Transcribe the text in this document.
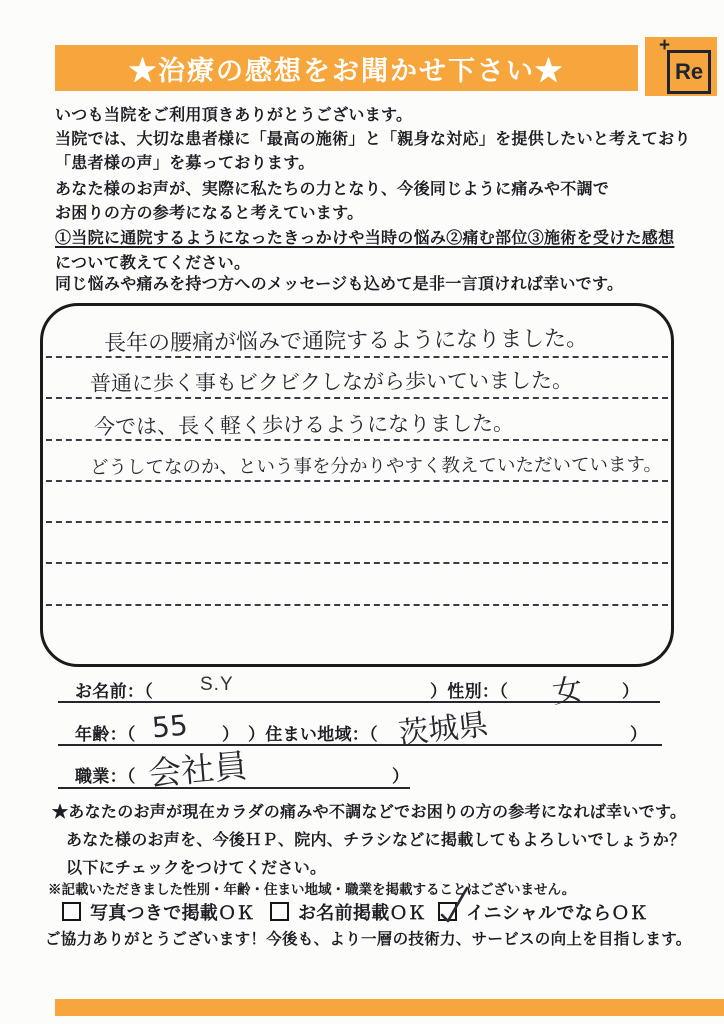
★治療の感想をお聞かせ下さい★
+
Re
いつも当院をご利用頂きありがとうございます。
当院では、大切な患者様に「最高の施術」と「親身な対応」を提供したいと考えており
「患者様の声」を募っております。
あなた様のお声が、実際に私たちの力となり、今後同じように痛みや不調で
お困りの方の参考になると考えています。
①当院に通院するようになったきっかけや当時の悩み②痛む部位③施術を受けた感想
について教えてください。
同じ悩みや痛みを持つ方へのメッセージも込めて是非一言頂ければ幸いです。
長年の腰痛が悩みで通院するようになりました。
普通に歩く事もビクビクしながら歩いていました。
今では、長く軽く歩けるようになりました。
どうしてなのか、という事を分かりやすく教えていただいています。
お名前：（ S.Y	）性別：（ 女 ）
年齢：（ 55 ） ）住まい地域：（ 茨城県	）
職業：（ 会社員	）
★あなたのお声が現在カラダの痛みや不調などでお困りの方の参考になれば幸いです。
あなた様のお声を、今後ＨＰ、院内、チラシなどに掲載してもよろしいでしょうか？
以下にチェックをつけてください。
※記載いただきました性別・年齢・住まい地域・職業を掲載することはございません。
写真つきで掲載ＯＫ	お名前掲載ＯＫ	イニシャルでならＯＫ
ご協力ありがとうございます！今後も、より一層の技術力、サービスの向上を目指します。
